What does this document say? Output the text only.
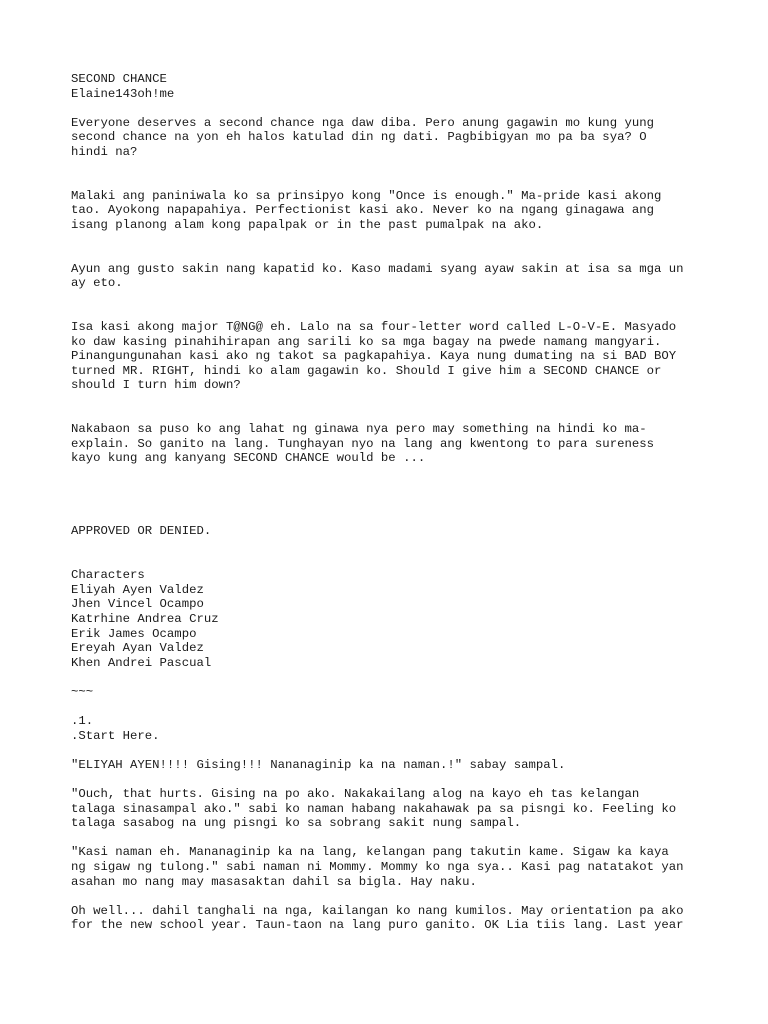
SECOND CHANCE
Elaine143oh!me
Everyone deserves a second chance nga daw diba. Pero anung gagawin mo kung yung
second chance na yon eh halos katulad din ng dati. Pagbibigyan mo pa ba sya? O
hindi na?
Malaki ang paniniwala ko sa prinsipyo kong "Once is enough." Ma-pride kasi akong
tao. Ayokong napapahiya. Perfectionist kasi ako. Never ko na ngang ginagawa ang
isang planong alam kong papalpak or in the past pumalpak na ako.
Ayun ang gusto sakin nang kapatid ko. Kaso madami syang ayaw sakin at isa sa mga un
ay eto.
Isa kasi akong major T@NG@ eh. Lalo na sa four-letter word called L-O-V-E. Masyado
ko daw kasing pinahihirapan ang sarili ko sa mga bagay na pwede namang mangyari.
Pinangungunahan kasi ako ng takot sa pagkapahiya. Kaya nung dumating na si BAD BOY
turned MR. RIGHT, hindi ko alam gagawin ko. Should I give him a SECOND CHANCE or
should I turn him down?
Nakabaon sa puso ko ang lahat ng ginawa nya pero may something na hindi ko ma-
explain. So ganito na lang. Tunghayan nyo na lang ang kwentong to para sureness
kayo kung ang kanyang SECOND CHANCE would be ...
APPROVED OR DENIED.
Characters
Eliyah Ayen Valdez
Jhen Vincel Ocampo
Katrhine Andrea Cruz
Erik James Ocampo
Ereyah Ayan Valdez
Khen Andrei Pascual
~~~
.1.
.Start Here.
"ELIYAH AYEN!!!! Gising!!! Nananaginip ka na naman.!" sabay sampal.
"Ouch, that hurts. Gising na po ako. Nakakailang alog na kayo eh tas kelangan
talaga sinasampal ako." sabi ko naman habang nakahawak pa sa pisngi ko. Feeling ko
talaga sasabog na ung pisngi ko sa sobrang sakit nung sampal.
"Kasi naman eh. Mananaginip ka na lang, kelangan pang takutin kame. Sigaw ka kaya
ng sigaw ng tulong." sabi naman ni Mommy. Mommy ko nga sya.. Kasi pag natatakot yan
asahan mo nang may masasaktan dahil sa bigla. Hay naku.
Oh well... dahil tanghali na nga, kailangan ko nang kumilos. May orientation pa ako
for the new school year. Taun-taon na lang puro ganito. OK Lia tiis lang. Last year
